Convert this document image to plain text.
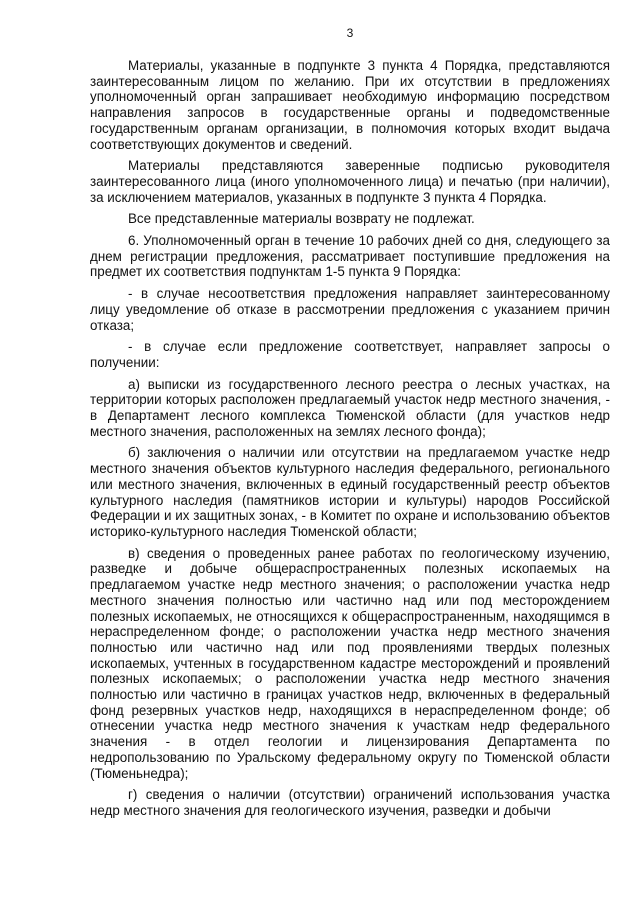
3

Материалы, указанные в подпункте 3 пункта 4 Порядка, представляются заинтересованным лицом по желанию. При их отсутствии в предложениях уполномоченный орган запрашивает необходимую информацию посредством направления запросов в государственные органы и подведомственные государственным органам организации, в полномочия которых входит выдача соответствующих документов и сведений.

Материалы представляются заверенные подписью руководителя заинтересованного лица (иного уполномоченного лица) и печатью (при наличии), за исключением материалов, указанных в подпункте 3 пункта 4 Порядка.

Все представленные материалы возврату не подлежат.

6. Уполномоченный орган в течение 10 рабочих дней со дня, следующего за днем регистрации предложения, рассматривает поступившие предложения на предмет их соответствия подпунктам 1-5 пункта 9 Порядка:

- в случае несоответствия предложения направляет заинтересованному лицу уведомление об отказе в рассмотрении предложения с указанием причин отказа;

- в случае если предложение соответствует, направляет запросы о получении:

а) выписки из государственного лесного реестра о лесных участках, на территории которых расположен предлагаемый участок недр местного значения, - в Департамент лесного комплекса Тюменской области (для участков недр местного значения, расположенных на землях лесного фонда);

б) заключения о наличии или отсутствии на предлагаемом участке недр местного значения объектов культурного наследия федерального, регионального или местного значения, включенных в единый государственный реестр объектов культурного наследия (памятников истории и культуры) народов Российской Федерации и их защитных зонах, - в Комитет по охране и использованию объектов историко-культурного наследия Тюменской области;

в) сведения о проведенных ранее работах по геологическому изучению, разведке и добыче общераспространенных полезных ископаемых на предлагаемом участке недр местного значения; о расположении участка недр местного значения полностью или частично над или под месторождением полезных ископаемых, не относящихся к общераспространенным, находящимся в нераспределенном фонде; о расположении участка недр местного значения полностью или частично над или под проявлениями твердых полезных ископаемых, учтенных в государственном кадастре месторождений и проявлений полезных ископаемых; о расположении участка недр местного значения полностью или частично в границах участков недр, включенных в федеральный фонд резервных участков недр, находящихся в нераспределенном фонде; об отнесении участка недр местного значения к участкам недр федерального значения - в отдел геологии и лицензирования Департамента по недропользованию по Уральскому федеральному округу по Тюменской области (Тюменьнедра);

г) сведения о наличии (отсутствии) ограничений использования участка недр местного значения для геологического изучения, разведки и добычи
